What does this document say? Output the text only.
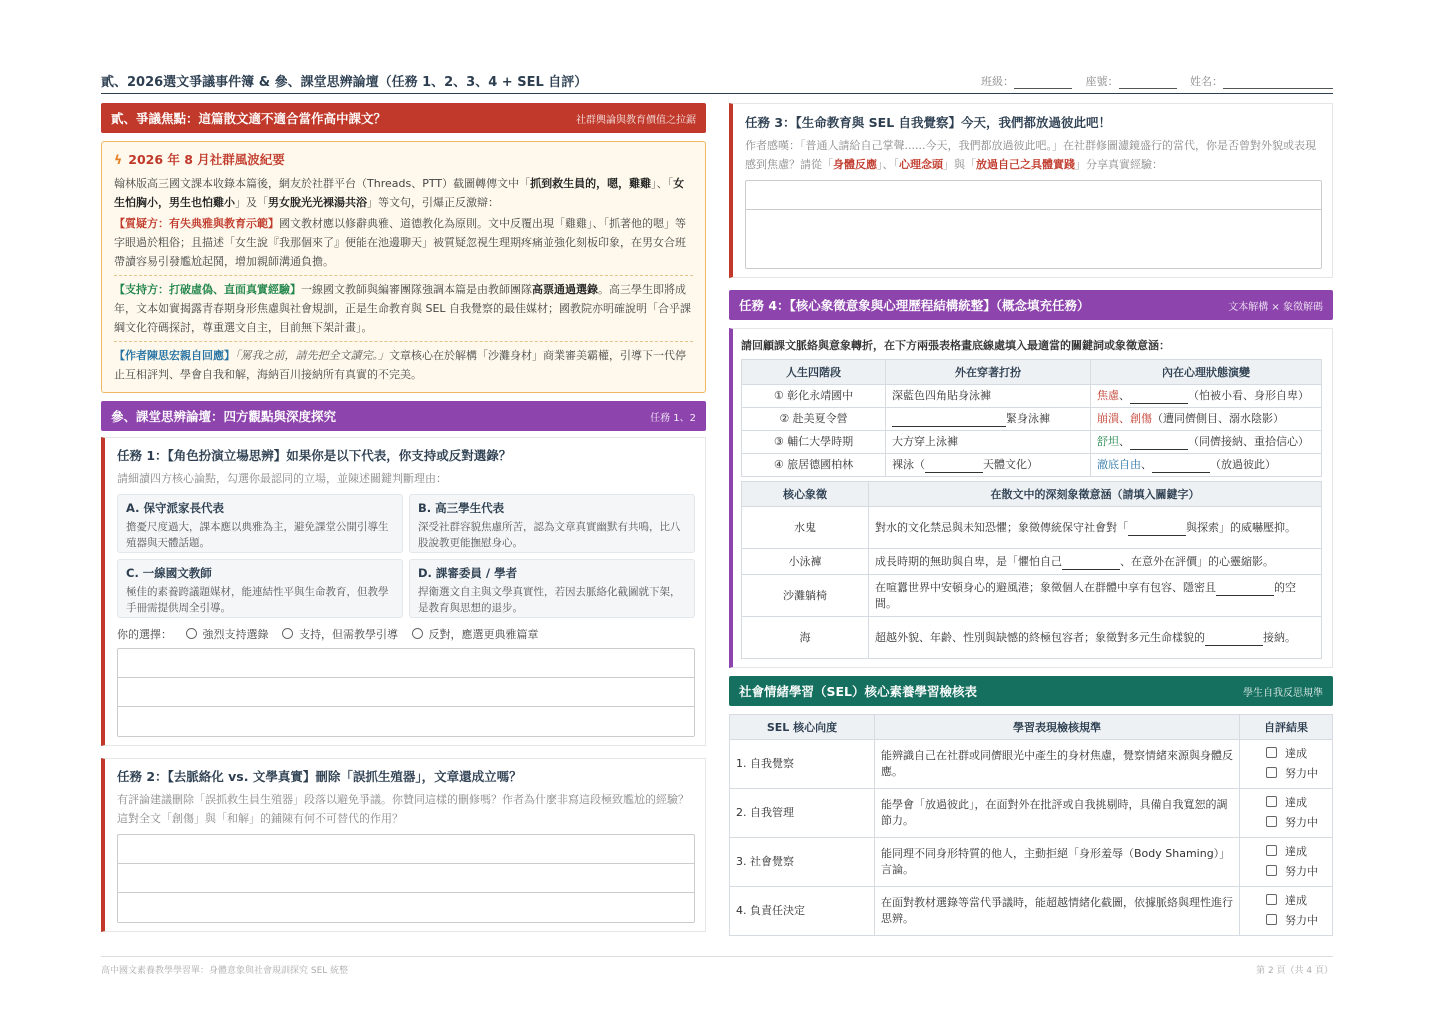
貳、2026選文爭議事件簿 & 參、課堂思辨論壇（任務 1、2、3、4 + SEL 自評）	班級：	座號：	姓名：
貳、爭議焦點：這篇散文適不適合當作高中課文？	社群輿論與教育價值之拉鋸
ϟ 2026 年 8 月社群風波紀要
翰林版高三國文課本收錄本篇後，網友於社群平台（Threads、PTT）截圖轉傳文中「抓到救生員的，嗯，雞雞」、「女生怕胸小，男生也怕雞小」及「男女脫光光裸湯共浴」等文句，引爆正反激辯：
【質疑方：有失典雅與教育示範】國文教材應以修辭典雅、道德教化為原則。文中反覆出現「雞雞」、「抓著他的嗯」等字眼過於粗俗；且描述「女生說『我那個來了』便能在池邊聊天」被質疑忽視生理期疼痛並強化刻板印象，在男女合班帶讀容易引發尷尬起鬨，增加親師溝通負擔。
【支持方：打破虛偽、直面真實經驗】一線國文教師與編審團隊強調本篇是由教師團隊高票通過選錄。高三學生即將成年，文本如實揭露青春期身形焦慮與社會規訓，正是生命教育與 SEL 自我覺察的最佳媒材；國教院亦明確說明「合乎課綱文化符碼探討，尊重選文自主，目前無下架計畫」。
【作者陳思宏親自回應】「罵我之前，請先把全文讀完。」文章核心在於解構「沙灘身材」商業審美霸權，引導下一代停止互相評判、學會自我和解，海納百川接納所有真實的不完美。
參、課堂思辨論壇：四方觀點與深度探究	任務 1、2
任務 1：【角色扮演立場思辨】如果你是以下代表，你支持或反對選錄？
請細讀四方核心論點，勾選你最認同的立場，並陳述關鍵判斷理由：
A. 保守派家長代表
擔憂尺度過大，課本應以典雅為主，避免課堂公開引導生殖器與天體話題。
B. 高三學生代表
深受社群容貌焦慮所苦，認為文章真實幽默有共鳴，比八股說教更能撫慰身心。
C. 一線國文教師
極佳的素養跨議題媒材，能連結性平與生命教育，但教學手冊需提供周全引導。
D. 課審委員 / 學者
捍衛選文自主與文學真實性，若因去脈絡化截圖就下架，是教育與思想的退步。
你的選擇：	強烈支持選錄	支持，但需教學引導	反對，應選更典雅篇章
任務 2：【去脈絡化 vs. 文學真實】刪除「誤抓生殖器」，文章還成立嗎？
有評論建議刪除「誤抓救生員生殖器」段落以避免爭議。你贊同這樣的刪修嗎？作者為什麼非寫這段極致尷尬的經驗？這對全文「創傷」與「和解」的鋪陳有何不可替代的作用？
任務 3：【生命教育與 SEL 自我覺察】今天，我們都放過彼此吧！
作者感嘆：「普通人請給自己掌聲......今天，我們都放過彼此吧。」在社群修圖濾鏡盛行的當代，你是否曾對外貌或表現感到焦慮？請從「身體反應」、「心理念頭」與「放過自己之具體實踐」分享真實經驗：
任務 4：【核心象徵意象與心理歷程結構統整】（概念填充任務）	文本解構 × 象徵解碼
請回顧課文脈絡與意象轉折，在下方兩張表格畫底線處填入最適當的關鍵詞或象徵意涵：
人生四階段	外在穿著打扮	內在心理狀態演變
① 彰化永靖國中	深藍色四角貼身泳褲	焦慮、 （怕被小看、身形自卑）
② 赴美夏令營	緊身泳褲	崩潰、創傷（遭同儕側目、溺水陰影）
③ 輔仁大學時期	大方穿上泳褲	舒坦、 （同儕接納、重拾信心）
④ 旅居德國柏林	裸泳（ 天體文化）	澈底自由、 （放過彼此）
核心象徵	在散文中的深刻象徵意涵（請填入關鍵字）
水鬼	對水的文化禁忌與未知恐懼；象徵傳統保守社會對「 與探索」的威嚇壓抑。
小泳褲	成長時期的無助與自卑，是「懼怕自己 、在意外在評價」的心靈縮影。
沙灘躺椅	在喧囂世界中安頓身心的避風港；象徵個人在群體中享有包容、隱密且 的空間。
海	超越外貌、年齡、性別與缺憾的終極包容者；象徵對多元生命樣貌的 接納。
社會情緒學習（SEL）核心素養學習檢核表	學生自我反思規準
SEL 核心向度	學習表現檢核規準	自評結果
1. 自我覺察	能辨識自己在社群或同儕眼光中產生的身材焦慮，覺察情緒來源與身體反應。	達成
努力中

2. 自我管理	能學會「放過彼此」，在面對外在批評或自我挑剔時，具備自我寬恕的調節力。	達成
努力中

3. 社會覺察	能同理不同身形特質的他人，主動拒絕「身形羞辱（Body Shaming）」言論。	達成
努力中

4. 負責任決定	在面對教材選錄等當代爭議時，能超越情緒化截圖，依據脈絡與理性進行思辨。	達成
努力中
高中國文素養教學學習單：身體意象與社會規訓探究 SEL 統整	第 2 頁（共 4 頁）
